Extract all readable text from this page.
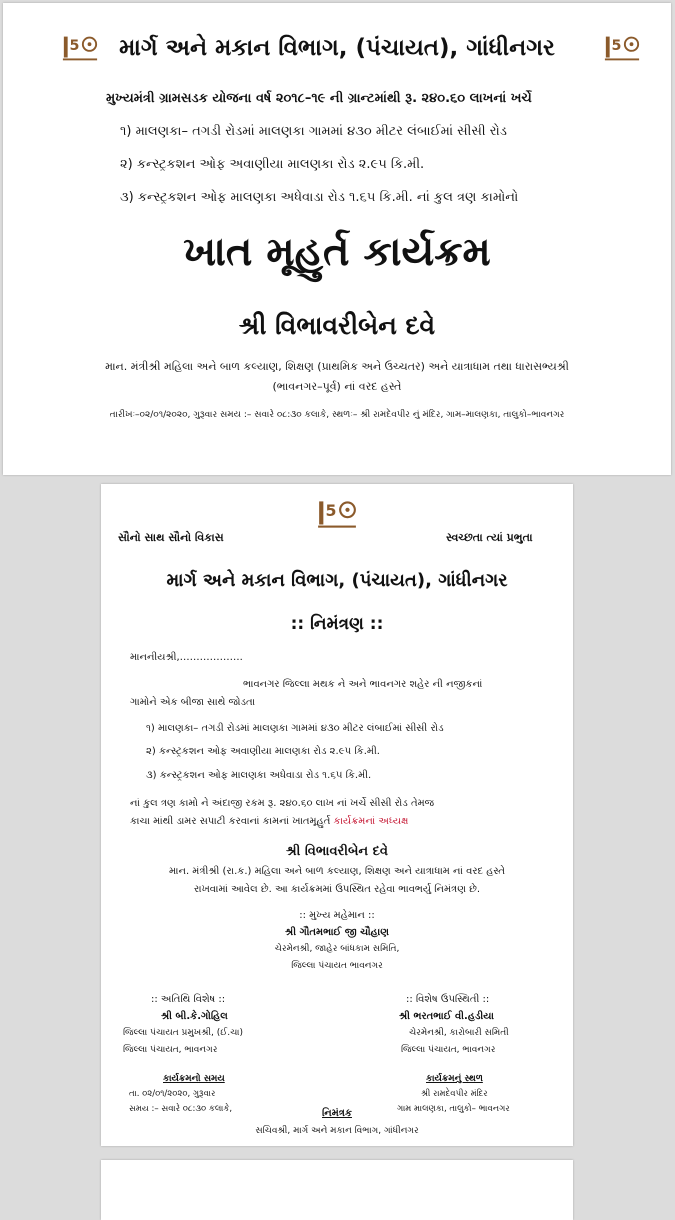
5	5
માર્ગ અને મકાન વિભાગ, (પંચાયત), ગાંધીનગર
મુખ્યમંત્રી ગ્રામસડક યોજના વર્ષ ૨૦૧૮–૧૯ ની ગ્રાન્ટમાંથી રૂ. ૨૪૦.૬૦ લાખનાં ખર્ચે
૧) માલણકા– તગડી રોડમાં માલણકા ગામમાં ૪૩૦ મીટર લંબાઈમાં સીસી રોડ
૨) કન્સ્ટ્રકશન ઓફ અવાણીયા માલણકા રોડ ૨.૯૫ કિ.મી.
૩) કન્સ્ટ્રકશન ઓફ માલણકા અધેવાડા રોડ ૧.૬૫ કિ.મી. નાં કુલ ત્રણ કામોનો
ખાત મૂહુર્ત કાર્યક્રમ
શ્રી વિભાવરીબેન દવે
માન. મંત્રીશ્રી મહિલા અને બાળ કલ્યાણ, શિક્ષણ (પ્રાથમિક અને ઉચ્ચતર) અને યાત્રાધામ તથા ધારાસભ્યશ્રી
(ભાવનગર–પૂર્વ) નાં વરદ હસ્તે
તારીખઃ–૦૨/૦૧/૨૦૨૦, ગુરૂવાર સમય :– સવારે ૦૮:૩૦ કલાકે, સ્થળઃ– શ્રી રામદેવપીર નું મંદિર, ગામ–માલણકા, તાલુકો–ભાવનગર
5
સૌનો સાથ સૌનો વિકાસ	સ્વચ્છતા ત્યાં પ્રભુતા
માર્ગ અને મકાન વિભાગ, (પંચાયત), ગાંધીનગર
:: નિમંત્રણ ::
માનનીયશ્રી,……………….
ભાવનગર જિલ્લા મથક ને અને ભાવનગર શહેર ની નજીકનાં
ગામોને એક બીજા સાથે જોડતા
૧) માલણકા– તગડી રોડમાં માલણકા ગામમાં ૪૩૦ મીટર લંબાઈમાં સીસી રોડ
૨) કન્સ્ટ્રકશન ઓફ અવાણીયા માલણકા રોડ ૨.૯૫ કિ.મી.
૩) કન્સ્ટ્રકશન ઓફ માલણકા અધેવાડા રોડ ૧.૬૫ કિ.મી.
નાં કુલ ત્રણ કામો ને અંદાજી રકમ રૂ. ૨૪૦.૬૦ લાખ નાં ખર્ચે સીસી રોડ તેમજ
કાચા માંથી ડામર સપાટી કરવાનાં કામનાં ખાતમૂહુર્ત કાર્યક્રમનાં અધ્યક્ષ
શ્રી વિભાવરીબેન દવે
માન. મંત્રીશ્રી (રા.ક.) મહિલા અને બાળ કલ્યાણ, શિક્ષણ અને યાત્રાધામ નાં વરદ હસ્તે
રાખવામાં આવેલ છે. આ કાર્યક્રમમાં ઉપસ્થિત રહેવા ભાવભર્યુ નિમંત્રણ છે.
:: મુખ્ય મહેમાન ::
શ્રી ગૌતમભાઈ જી ચૌહાણ
ચેરમેનશ્રી, જાહેર બાંધકામ સમિતિ,
જિલ્લા પંચાયત ભાવનગર
:: અતિથિ વિશેષ ::
શ્રી બી.કે.ગોહિલ
જિલ્લા પંચાયત પ્રમુખશ્રી, (ઈ.ચા)
જિલ્લા પંચાયત, ભાવનગર
:: વિશેષ ઉપસ્થિતી ::
શ્રી ભરતભાઈ વી.હડીયા
ચેરમેનશ્રી, કારોબારી સમિતી
જિલ્લા પંચાયત, ભાવનગર
કાર્યક્રમનો સમય
તા. ૦૨/૦૧/૨૦૨૦, ગુરૂવાર
સમય :– સવારે ૦૮:૩૦ કલાકે,
કાર્યક્રમનું સ્થળ
શ્રી રામદેવપીર મંદિર
ગામ માલણકા, તાલુકો– ભાવનગર
નિમંત્રક
સચિવશ્રી, માર્ગ અને મકાન વિભાગ, ગાંધીનગર
